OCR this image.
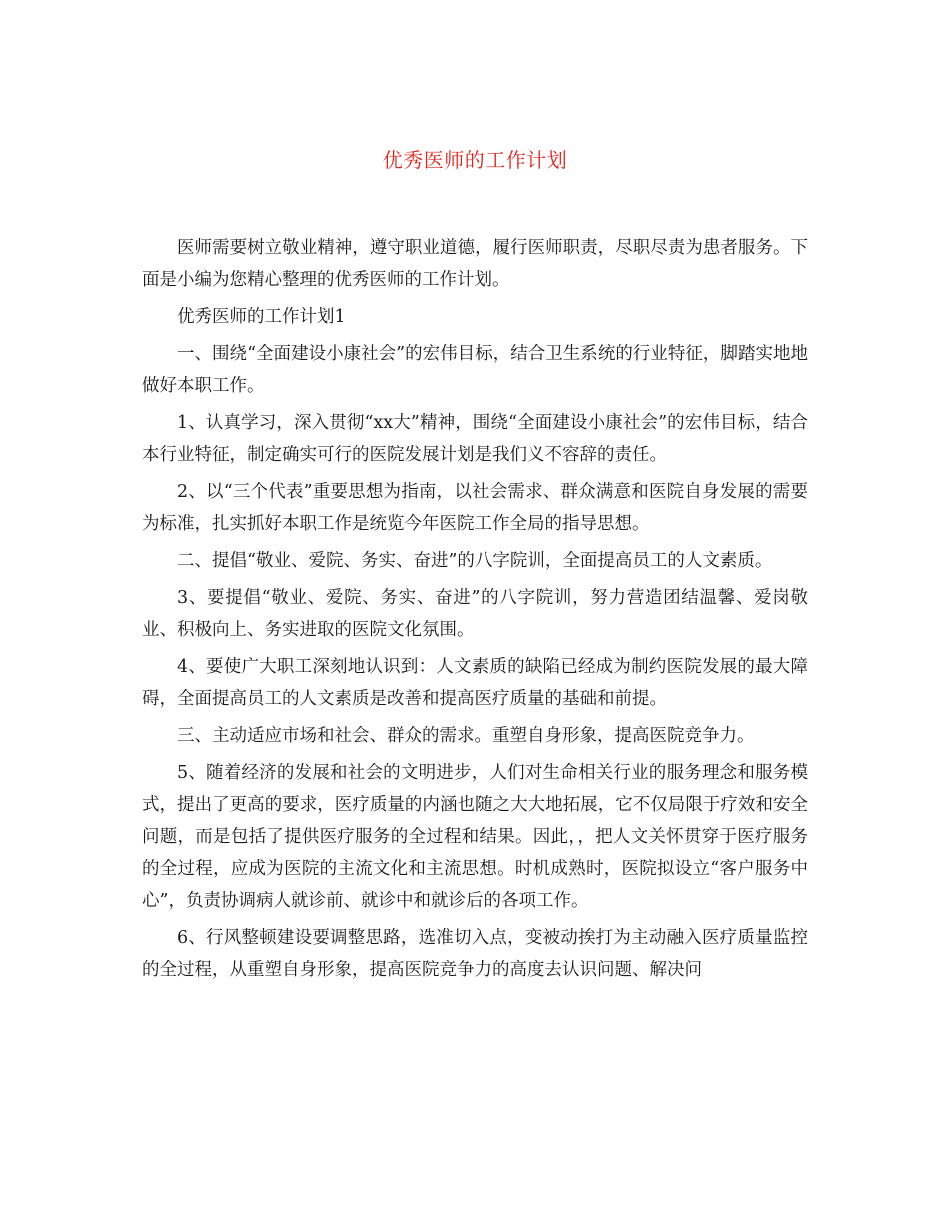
优秀医师的工作计划

医师需要树立敬业精神，遵守职业道德，履行医师职责，尽职尽责为患者服务。下面是小编为您精心整理的优秀医师的工作计划。

优秀医师的工作计划1

一、围绕“全面建设小康社会”的宏伟目标，结合卫生系统的行业特征，脚踏实地地做好本职工作。

1、认真学习，深入贯彻“xx大”精神，围绕“全面建设小康社会”的宏伟目标，结合本行业特征，制定确实可行的医院发展计划是我们义不容辞的责任。

2、以“三个代表”重要思想为指南，以社会需求、群众满意和医院自身发展的需要为标准，扎实抓好本职工作是统览今年医院工作全局的指导思想。

二、提倡“敬业、爱院、务实、奋进”的八字院训，全面提高员工的人文素质。

3、要提倡“敬业、爱院、务实、奋进”的八字院训，努力营造团结温馨、爱岗敬业、积极向上、务实进取的医院文化氛围。

4、要使广大职工深刻地认识到：人文素质的缺陷已经成为制约医院发展的最大障碍，全面提高员工的人文素质是改善和提高医疗质量的基础和前提。

三、主动适应市场和社会、群众的需求。重塑自身形象，提高医院竞争力。

5、随着经济的发展和社会的文明进步，人们对生命相关行业的服务理念和服务模式，提出了更高的要求，医疗质量的内涵也随之大大地拓展，它不仅局限于疗效和安全问题，而是包括了提供医疗服务的全过程和结果。因此，，把人文关怀贯穿于医疗服务的全过程，应成为医院的主流文化和主流思想。时机成熟时，医院拟设立“客户服务中心”，负责协调病人就诊前、就诊中和就诊后的各项工作。

6、行风整顿建设要调整思路，选准切入点，变被动挨打为主动融入医疗质量监控的全过程，从重塑自身形象，提高医院竞争力的高度去认识问题、解决问
